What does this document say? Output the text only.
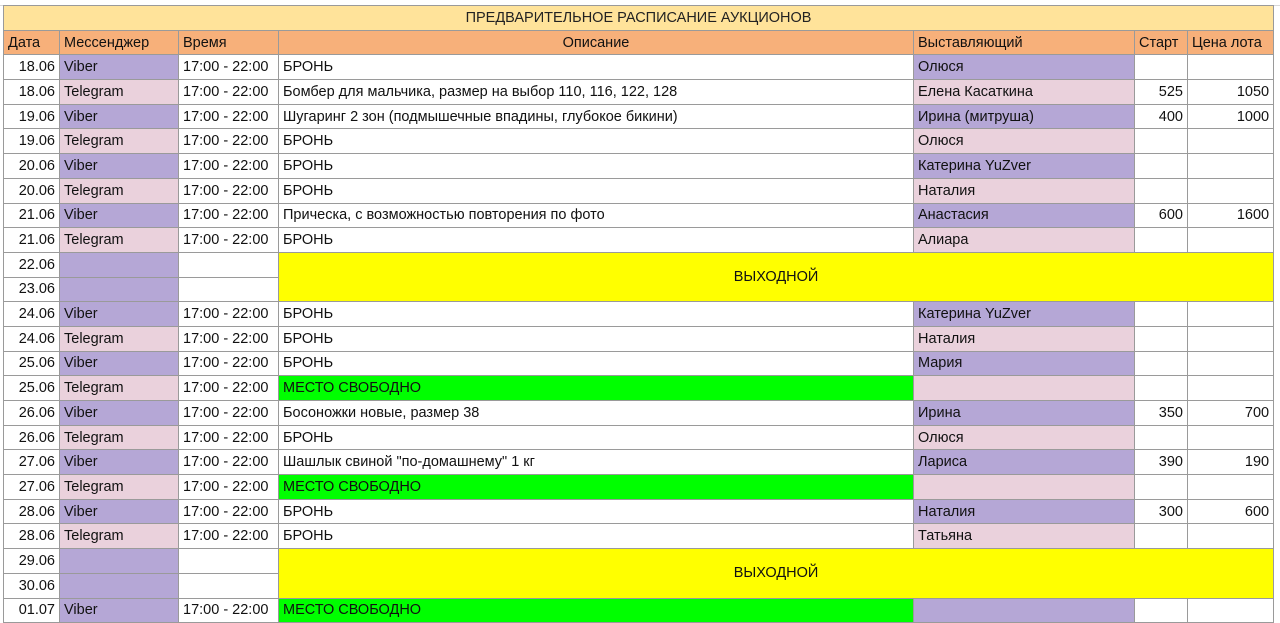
ПРЕДВАРИТЕЛЬНОЕ РАСПИСАНИЕ АУКЦИОНОВ						
Дата	Мессенджер	Время	Описание	Выставляющий	Старт	Цена лота
18.06	Viber	17:00 - 22:00	БРОНЬ	Олюся		
18.06	Telegram	17:00 - 22:00	Бомбер для мальчика, размер на выбор 110, 116, 122, 128	Елена Касаткина	525	1050
19.06	Viber	17:00 - 22:00	Шугаринг 2 зон (подмышечные впадины, глубокое бикини)	Ирина (митруша)	400	1000
19.06	Telegram	17:00 - 22:00	БРОНЬ	Олюся		
20.06	Viber	17:00 - 22:00	БРОНЬ	Катерина YuZver		
20.06	Telegram	17:00 - 22:00	БРОНЬ	Наталия		
21.06	Viber	17:00 - 22:00	Прическа, с возможностью повторения по фото	Анастасия	600	1600
21.06	Telegram	17:00 - 22:00	БРОНЬ	Алиара		
22.06			ВЫХОДНОЙ			
23.06						
24.06	Viber	17:00 - 22:00	БРОНЬ	Катерина YuZver		
24.06	Telegram	17:00 - 22:00	БРОНЬ	Наталия		
25.06	Viber	17:00 - 22:00	БРОНЬ	Мария		
25.06	Telegram	17:00 - 22:00	МЕСТО СВОБОДНО			
26.06	Viber	17:00 - 22:00	Босоножки новые, размер 38	Ирина	350	700
26.06	Telegram	17:00 - 22:00	БРОНЬ	Олюся		
27.06	Viber	17:00 - 22:00	Шашлык свиной "по-домашнему" 1 кг	Лариса	390	190
27.06	Telegram	17:00 - 22:00	МЕСТО СВОБОДНО			
28.06	Viber	17:00 - 22:00	БРОНЬ	Наталия	300	600
28.06	Telegram	17:00 - 22:00	БРОНЬ	Татьяна		
29.06			ВЫХОДНОЙ			
30.06						
01.07	Viber	17:00 - 22:00	МЕСТО СВОБОДНО			
